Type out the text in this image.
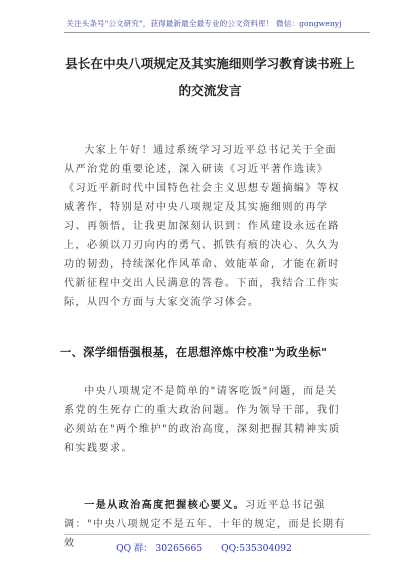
关注头条号"公文研究"，获得最新最全最专业的公文资料库！ 微信：gongwenyj
县长在中央八项规定及其实施细则学习教育读书班上的交流发言

大家上午好！通过系统学习习近平总书记关于全面从严治党的重要论述，深入研读《习近平著作选读》《习近平新时代中国特色社会主义思想专题摘编》等权威著作，特别是对中央八项规定及其实施细则的再学习、再领悟，让我更加深刻认识到：作风建设永远在路上，必须以刀刃向内的勇气、抓铁有痕的决心、久久为功的韧劲，持续深化作风革命、效能革命，才能在新时代新征程中交出人民满意的答卷。下面，我结合工作实际，从四个方面与大家交流学习体会。

一、深学细悟强根基，在思想淬炼中校准"为政坐标"

中央八项规定不是简单的"请客吃饭"问题，而是关系党的生死存亡的重大政治问题。作为领导干部，我们必须站在"两个维护"的政治高度，深刻把握其精神实质和实践要求。

一是从政治高度把握核心要义。习近平总书记强调："中央八项规定不是五年、十年的规定，而是长期有效	QQ 群： 30265665 QQ:535304092
